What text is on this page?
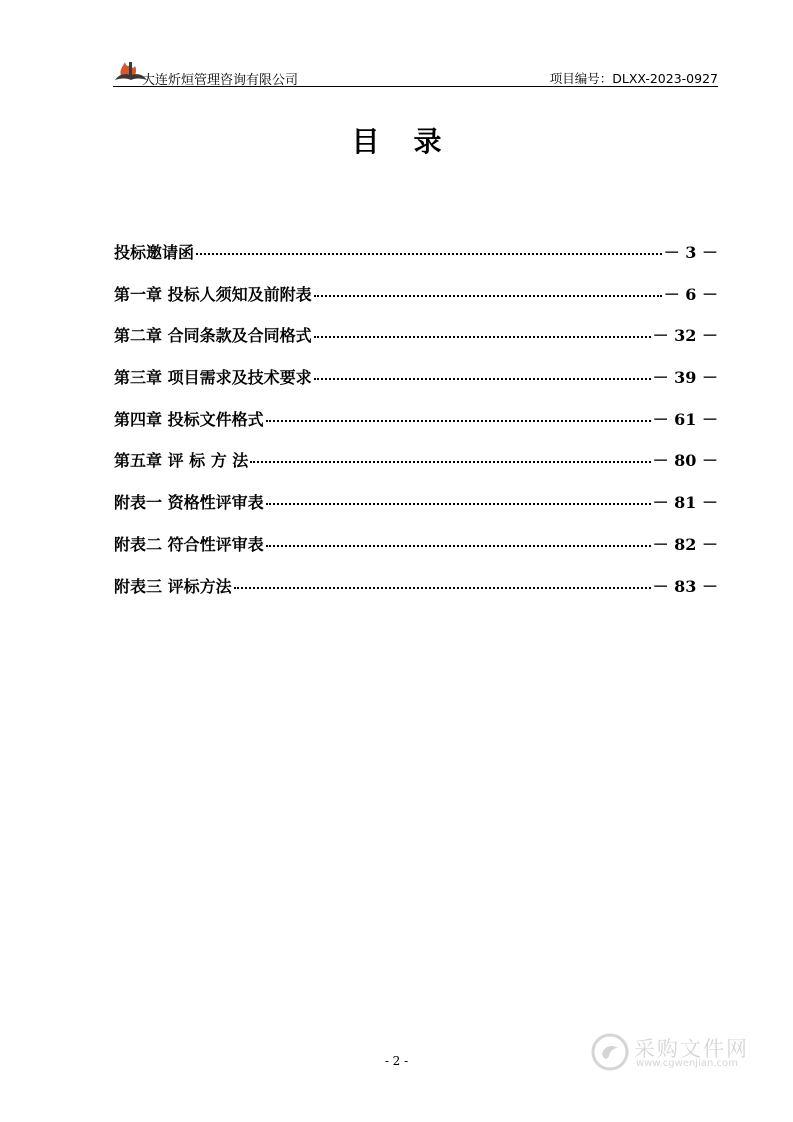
大连炘烜管理咨询有限公司	项目编号：DLXX-2023-0927
目录
投标邀请函	－ 3 －
第一章 投标人须知及前附表	－ 6 －
第二章 合同条款及合同格式	－ 32 －
第三章 项目需求及技术要求	－ 39 －
第四章 投标文件格式	－ 61 －
第五章 评 标 方 法	－ 80 －
附表一 资格性评审表	－ 81 －
附表二 符合性评审表	－ 82 －
附表三 评标方法	－ 83 －
- 2 -	采购文件网
www.cgwenjian.com
